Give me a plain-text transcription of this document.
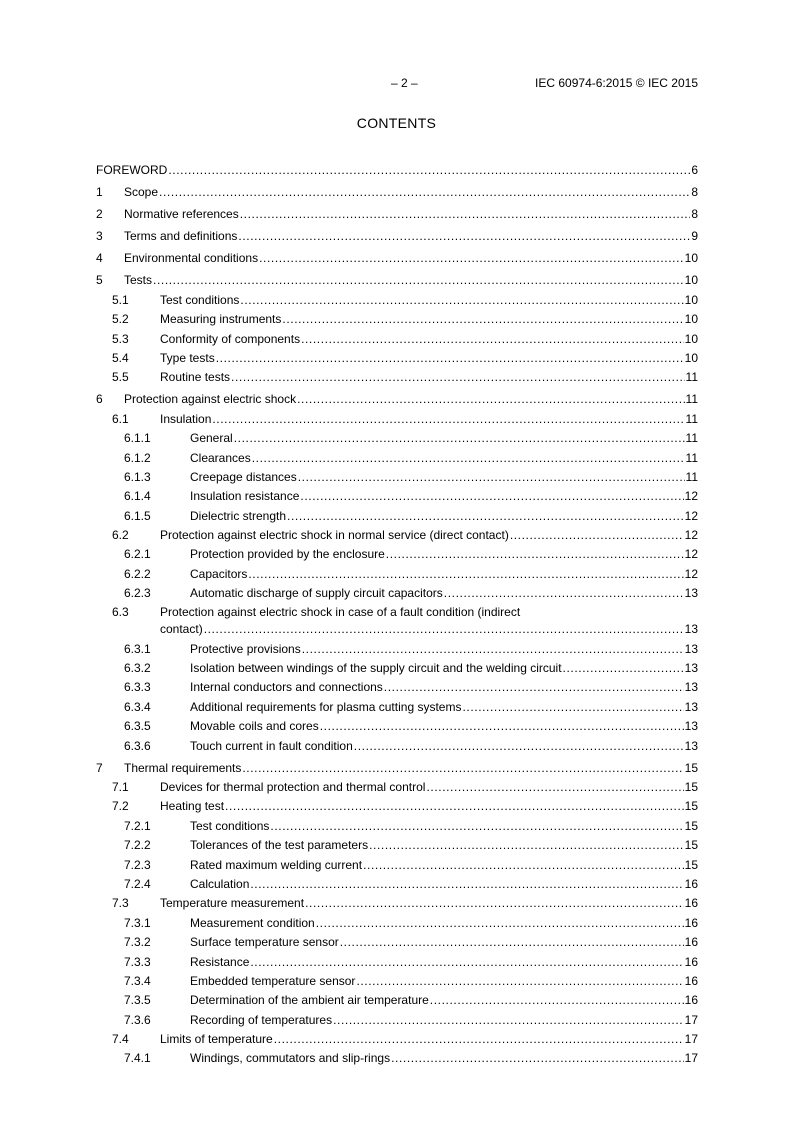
– 2 –	IEC 60974-6:2015 © IEC 2015
CONTENTS
FOREWORD .....	6
1	Scope .....	8
2	Normative references .....	8
3	Terms and definitions .....	9
4	Environmental conditions .....	10
5	Tests .....	10
5.1	Test conditions .....	10
5.2	Measuring instruments .....	10
5.3	Conformity of components .....	10
5.4	Type tests .....	10
5.5	Routine tests .....	11
6	Protection against electric shock .....	11
6.1	Insulation .....	11
6.1.1	General .....	11
6.1.2	Clearances .....	11
6.1.3	Creepage distances .....	11
6.1.4	Insulation resistance .....	12
6.1.5	Dielectric strength .....	12
6.2	Protection against electric shock in normal service (direct contact) .....	12
6.2.1	Protection provided by the enclosure .....	12
6.2.2	Capacitors .....	12
6.2.3	Automatic discharge of supply circuit capacitors .....	13
6.3	Protection against electric shock in case of a fault condition (indirect
contact) .....	13
6.3.1	Protective provisions .....	13
6.3.2	Isolation between windings of the supply circuit and the welding circuit .....	13
6.3.3	Internal conductors and connections .....	13
6.3.4	Additional requirements for plasma cutting systems .....	13
6.3.5	Movable coils and cores .....	13
6.3.6	Touch current in fault condition .....	13
7	Thermal requirements .....	15
7.1	Devices for thermal protection and thermal control .....	15
7.2	Heating test .....	15
7.2.1	Test conditions .....	15
7.2.2	Tolerances of the test parameters .....	15
7.2.3	Rated maximum welding current .....	15
7.2.4	Calculation .....	16
7.3	Temperature measurement .....	16
7.3.1	Measurement condition .....	16
7.3.2	Surface temperature sensor .....	16
7.3.3	Resistance .....	16
7.3.4	Embedded temperature sensor .....	16
7.3.5	Determination of the ambient air temperature .....	16
7.3.6	Recording of temperatures .....	17
7.4	Limits of temperature .....	17
7.4.1	Windings, commutators and slip-rings .....	17
